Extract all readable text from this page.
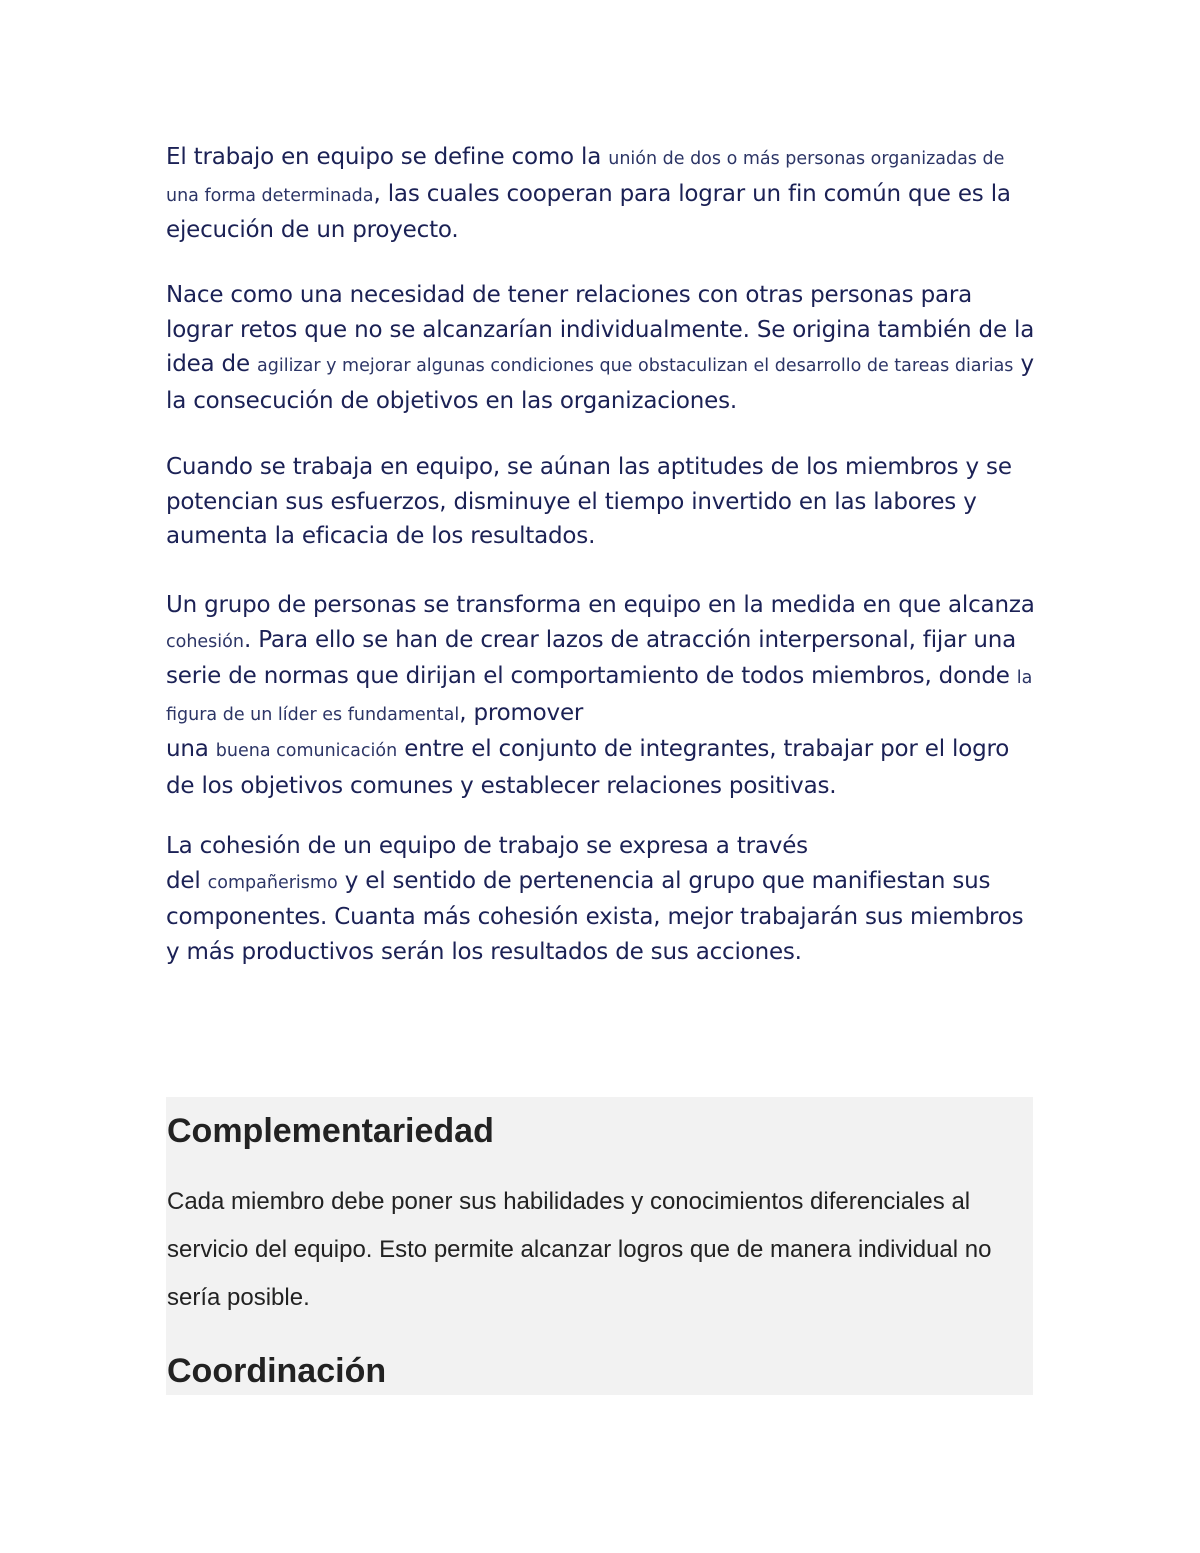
El trabajo en equipo se define como la unión de dos o más personas organizadas de una forma determinada, las cuales cooperan para lograr un fin común que es la ejecución de un proyecto.

Nace como una necesidad de tener relaciones con otras personas para lograr retos que no se alcanzarían individualmente. Se origina también de la idea de agilizar y mejorar algunas condiciones que obstaculizan el desarrollo de tareas diarias y la consecución de objetivos en las organizaciones.

Cuando se trabaja en equipo, se aúnan las aptitudes de los miembros y se potencian sus esfuerzos, disminuye el tiempo invertido en las labores y aumenta la eficacia de los resultados.

Un grupo de personas se transforma en equipo en la medida en que alcanza cohesión. Para ello se han de crear lazos de atracción interpersonal, fijar una serie de normas que dirijan el comportamiento de todos miembros, donde la figura de un líder es fundamental, promover
una buena comunicación entre el conjunto de integrantes, trabajar por el logro de los objetivos comunes y establecer relaciones positivas.

La cohesión de un equipo de trabajo se expresa a través
del compañerismo y el sentido de pertenencia al grupo que manifiestan sus componentes. Cuanta más cohesión exista, mejor trabajarán sus miembros y más productivos serán los resultados de sus acciones.

Complementariedad

Cada miembro debe poner sus habilidades y conocimientos diferenciales al servicio del equipo. Esto permite alcanzar logros que de manera individual no sería posible.

Coordinación
